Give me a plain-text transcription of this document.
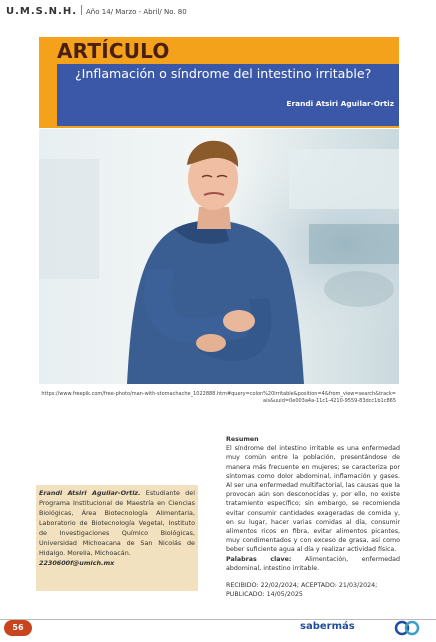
U.M.S.N.H. Año 14/ Marzo - Abril/ No. 80
ARTÍCULO
¿Inflamación o síndrome del intestino irritable?
Erandi Atsiri Aguilar-Ortiz
https://www.freepik.com/free-photo/man-with-stomachache_1022888.htm#query=colon%20irritable&position=4&from_view=search&track=ais&uuid=0e003a4a-11c1-4210-9559-83dcc1b1c865
Erandi Atsiri Aguilar-Ortiz. Estudiante del Programa Institucional de Maestría en Ciencias Biológicas, Área Biotecnología Alimentaria, Laboratorio de Biotecnología Vegetal, Instituto de Investigaciones Químico Biológicas, Universidad Michoacana de San Nicolás de Hidalgo. Morelia, Michoacán.
2230600f@umich.mx
Resumen
El síndrome del intestino irritable es una enfermedad muy común entre la población, presentándose de manera más frecuente en mujeres; se caracteriza por síntomas como dolor abdominal, inflamación y gases. Al ser una enfermedad multifactorial, las causas que la provocan aún son desconocidas y, por ello, no existe tratamiento específico; sin embargo, se recomienda evitar consumir cantidades exageradas de comida y, en su lugar, hacer varias comidas al día, consumir alimentos ricos en fibra, evitar alimentos picantes, muy condimentados y con exceso de grasa, así como beber suficiente agua al día y realizar actividad física.
Palabras clave: Alimentación, enfermedad abdominal, intestino irritable.
RECIBIDO: 22/02/2024; ACEPTADO: 21/03/2024; PUBLICADO: 14/05/2025
56	sabermás
